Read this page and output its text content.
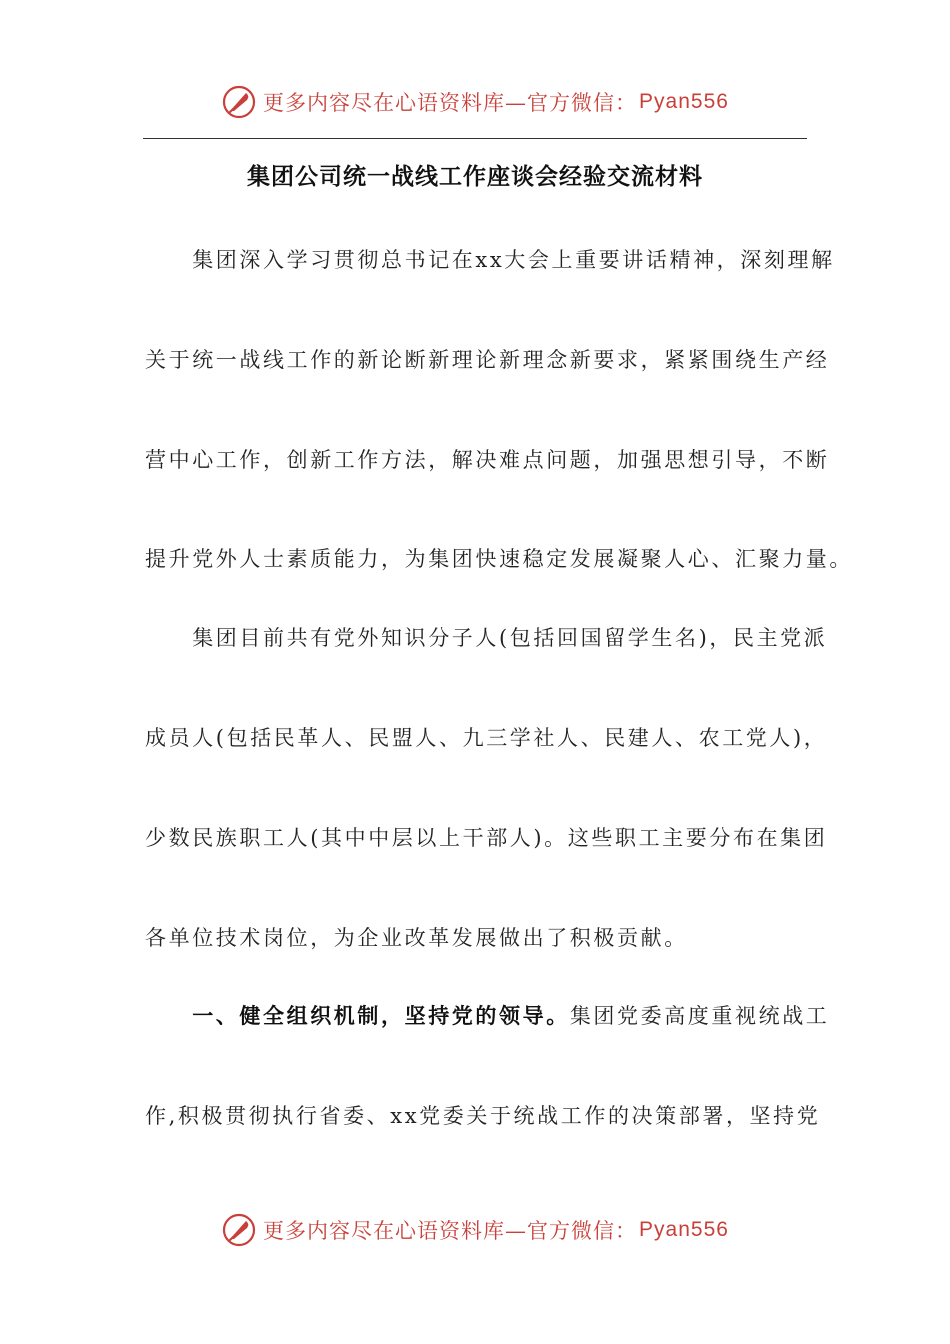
更多内容尽在心语资料库—官方微信： Pyan556
集团公司统一战线工作座谈会经验交流材料
　　集团深入学习贯彻总书记在xx大会上重要讲话精神，深刻理解
关于统一战线工作的新论断新理论新理念新要求，紧紧围绕生产经
营中心工作，创新工作方法，解决难点问题，加强思想引导，不断
提升党外人士素质能力，为集团快速稳定发展凝聚人心、汇聚力量。
　　集团目前共有党外知识分子人(包括回国留学生名)，民主党派
成员人(包括民革人、民盟人、九三学社人、民建人、农工党人)，
少数民族职工人(其中中层以上干部人)。这些职工主要分布在集团
各单位技术岗位，为企业改革发展做出了积极贡献。
　　一、健全组织机制，坚持党的领导。集团党委高度重视统战工
作,积极贯彻执行省委、xx党委关于统战工作的决策部署，坚持党
更多内容尽在心语资料库—官方微信： Pyan556
